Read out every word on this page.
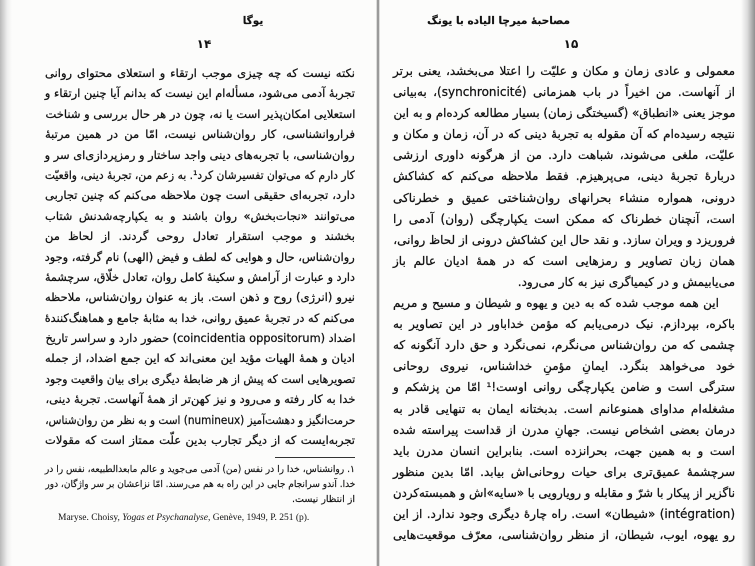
یوگا
۱۴
نکته نیست که چه چیزی موجب ارتقاء و استعلای محتوای روانی
تجربهٔ آدمی می‌شود، مسأله‌ام این نیست که بدانم آیا چنین ارتقاء و
استعلایی امکان‌پذیر است یا نه، چون در هر حال بررسی و شناخت
فراروانشناسی، کار روان‌شناس نیست، امّا من در همین مرتبهٔ
روان‌شناسی، با تجربه‌های دینی واجد ساختار و رمزپردازی‌ای سر و
کار دارم که می‌توان تفسیرشان کرد¹. به زعم من، تجربهٔ دینی، واقعیّت
دارد، تجربه‌ای حقیقی است چون ملاحظه می‌کنم که چنین تجاربی
می‌توانند «نجات‌بخش» روان باشند و به یکپارچه‌شدنش شتاب
بخشند و موجب استقرار تعادل روحی گردند. از لحاظ من
روان‌شناس، حال و هوایی که لطف و فیض (الهی) نام گرفته، وجود
دارد و عبارت از آرامش و سکینهٔ کامل روان، تعادل خلّاق، سرچشمهٔ
نیرو (انرژی) روح و ذهن است. باز به عنوان روان‌شناس، ملاحظه
می‌کنم که در تجربهٔ عمیق روانی، خدا به مثابهٔ جامع و هماهنگ‌کنندهٔ
اضداد (coincidentia oppositorum) حضور دارد و سراسر تاریخ
ادیان و همهٔ الهیات مؤید این معنی‌اند که این جمع اضداد، از جمله
تصویرهایی است که پیش از هر ضابطهٔ دیگری برای بیان واقعیت وجود
خدا به کار رفته و می‌رود و نیز کهن‌تر از همهٔ آنهاست. تجربهٔ دینی،
حرمت‌انگیز و دهشت‌آمیز (numineux) است و به نظر من روان‌شناس،
تجربه‌ایست که از دیگر تجارب بدین علّت ممتاز است که مقولات
۱. روانشناس، خدا را در نفس (من) آدمی می‌جوید و عالم مابعدالطبیعه، نفس را در
خدا. آندو سرانجام جایی در این راه به هم می‌رسند. امّا نزاعشان بر سر واژگان، دور
از انتظار نیست.
Maryse. Choisy, Yogas et Psychanalyse, Genève, 1949, P. 251 (p).
مصاحبۀ میرچا الیاده با یونگ
۱۵
معمولی و عادی زمان و مکان و علیّت را اعتلا می‌بخشد، یعنی برتر
از آنهاست. من اخیراً در باب همزمانی (synchronicité)، به‌بیانی
موجز یعنی «انطباق» (گسیختگی زمان) بسیار مطالعه کرده‌ام و به این
نتیجه رسیده‌ام که آن مقوله به تجربهٔ دینی که در آن، زمان و مکان و
علیّت، ملغی می‌شوند، شباهت دارد. من از هرگونه داوری ارزشی
دربارهٔ تجربهٔ دینی، می‌پرهیزم. فقط ملاحظه می‌کنم که کشاکش
درونی، همواره منشاء بحرانهای روان‌شناختی عمیق و خطرناکی
است، آنچنان خطرناک که ممکن است یکپارچگی (روان) آدمی را
فروریزد و ویران سازد. و نقد حال این کشاکش درونی از لحاظ روانی،
همان زبان تصاویر و رمزهایی است که در همهٔ ادیان عالم باز
می‌یابیمش و در کیمیاگری نیز به کار می‌رود.
این همه موجب شده که به دین و یهوه و شیطان و مسیح و مریم
باکره، بپردازم. نیک درمی‌یابم که مؤمن خداباور در این تصاویر به
چشمی که من روان‌شناس می‌نگرم، نمی‌نگرد و حق دارد آنگونه که
خود می‌خواهد بنگرد. ایمانِ مؤمنِ خداشناس، نیروی روحانی
سترگی است و ضامن یکپارچگی روانی اوست!¹ امّا من پزشکم و
مشغله‌ام مداوای همنوعانم است. بدبختانه ایمان به تنهایی قادر به
درمان بعضی اشخاص نیست. جهانِ مدرن از قداست پیراسته شده
است و به همین جهت، بحرانزده است. بنابراین انسان مدرن باید
سرچشمهٔ عمیق‌تری برای حیات روحانی‌اش بیابد. امّا بدین منظور
ناگزیر از پیکار با شرّ و مقابله و رویارویی با «سایه»اش و همبسته‌کردن
(intégration) «شیطان» است. راه چارهٔ دیگری وجود ندارد. از این
رو یهوه، ایوب، شیطان، از منظر روان‌شناسی، معرّف موقعیت‌هایی
